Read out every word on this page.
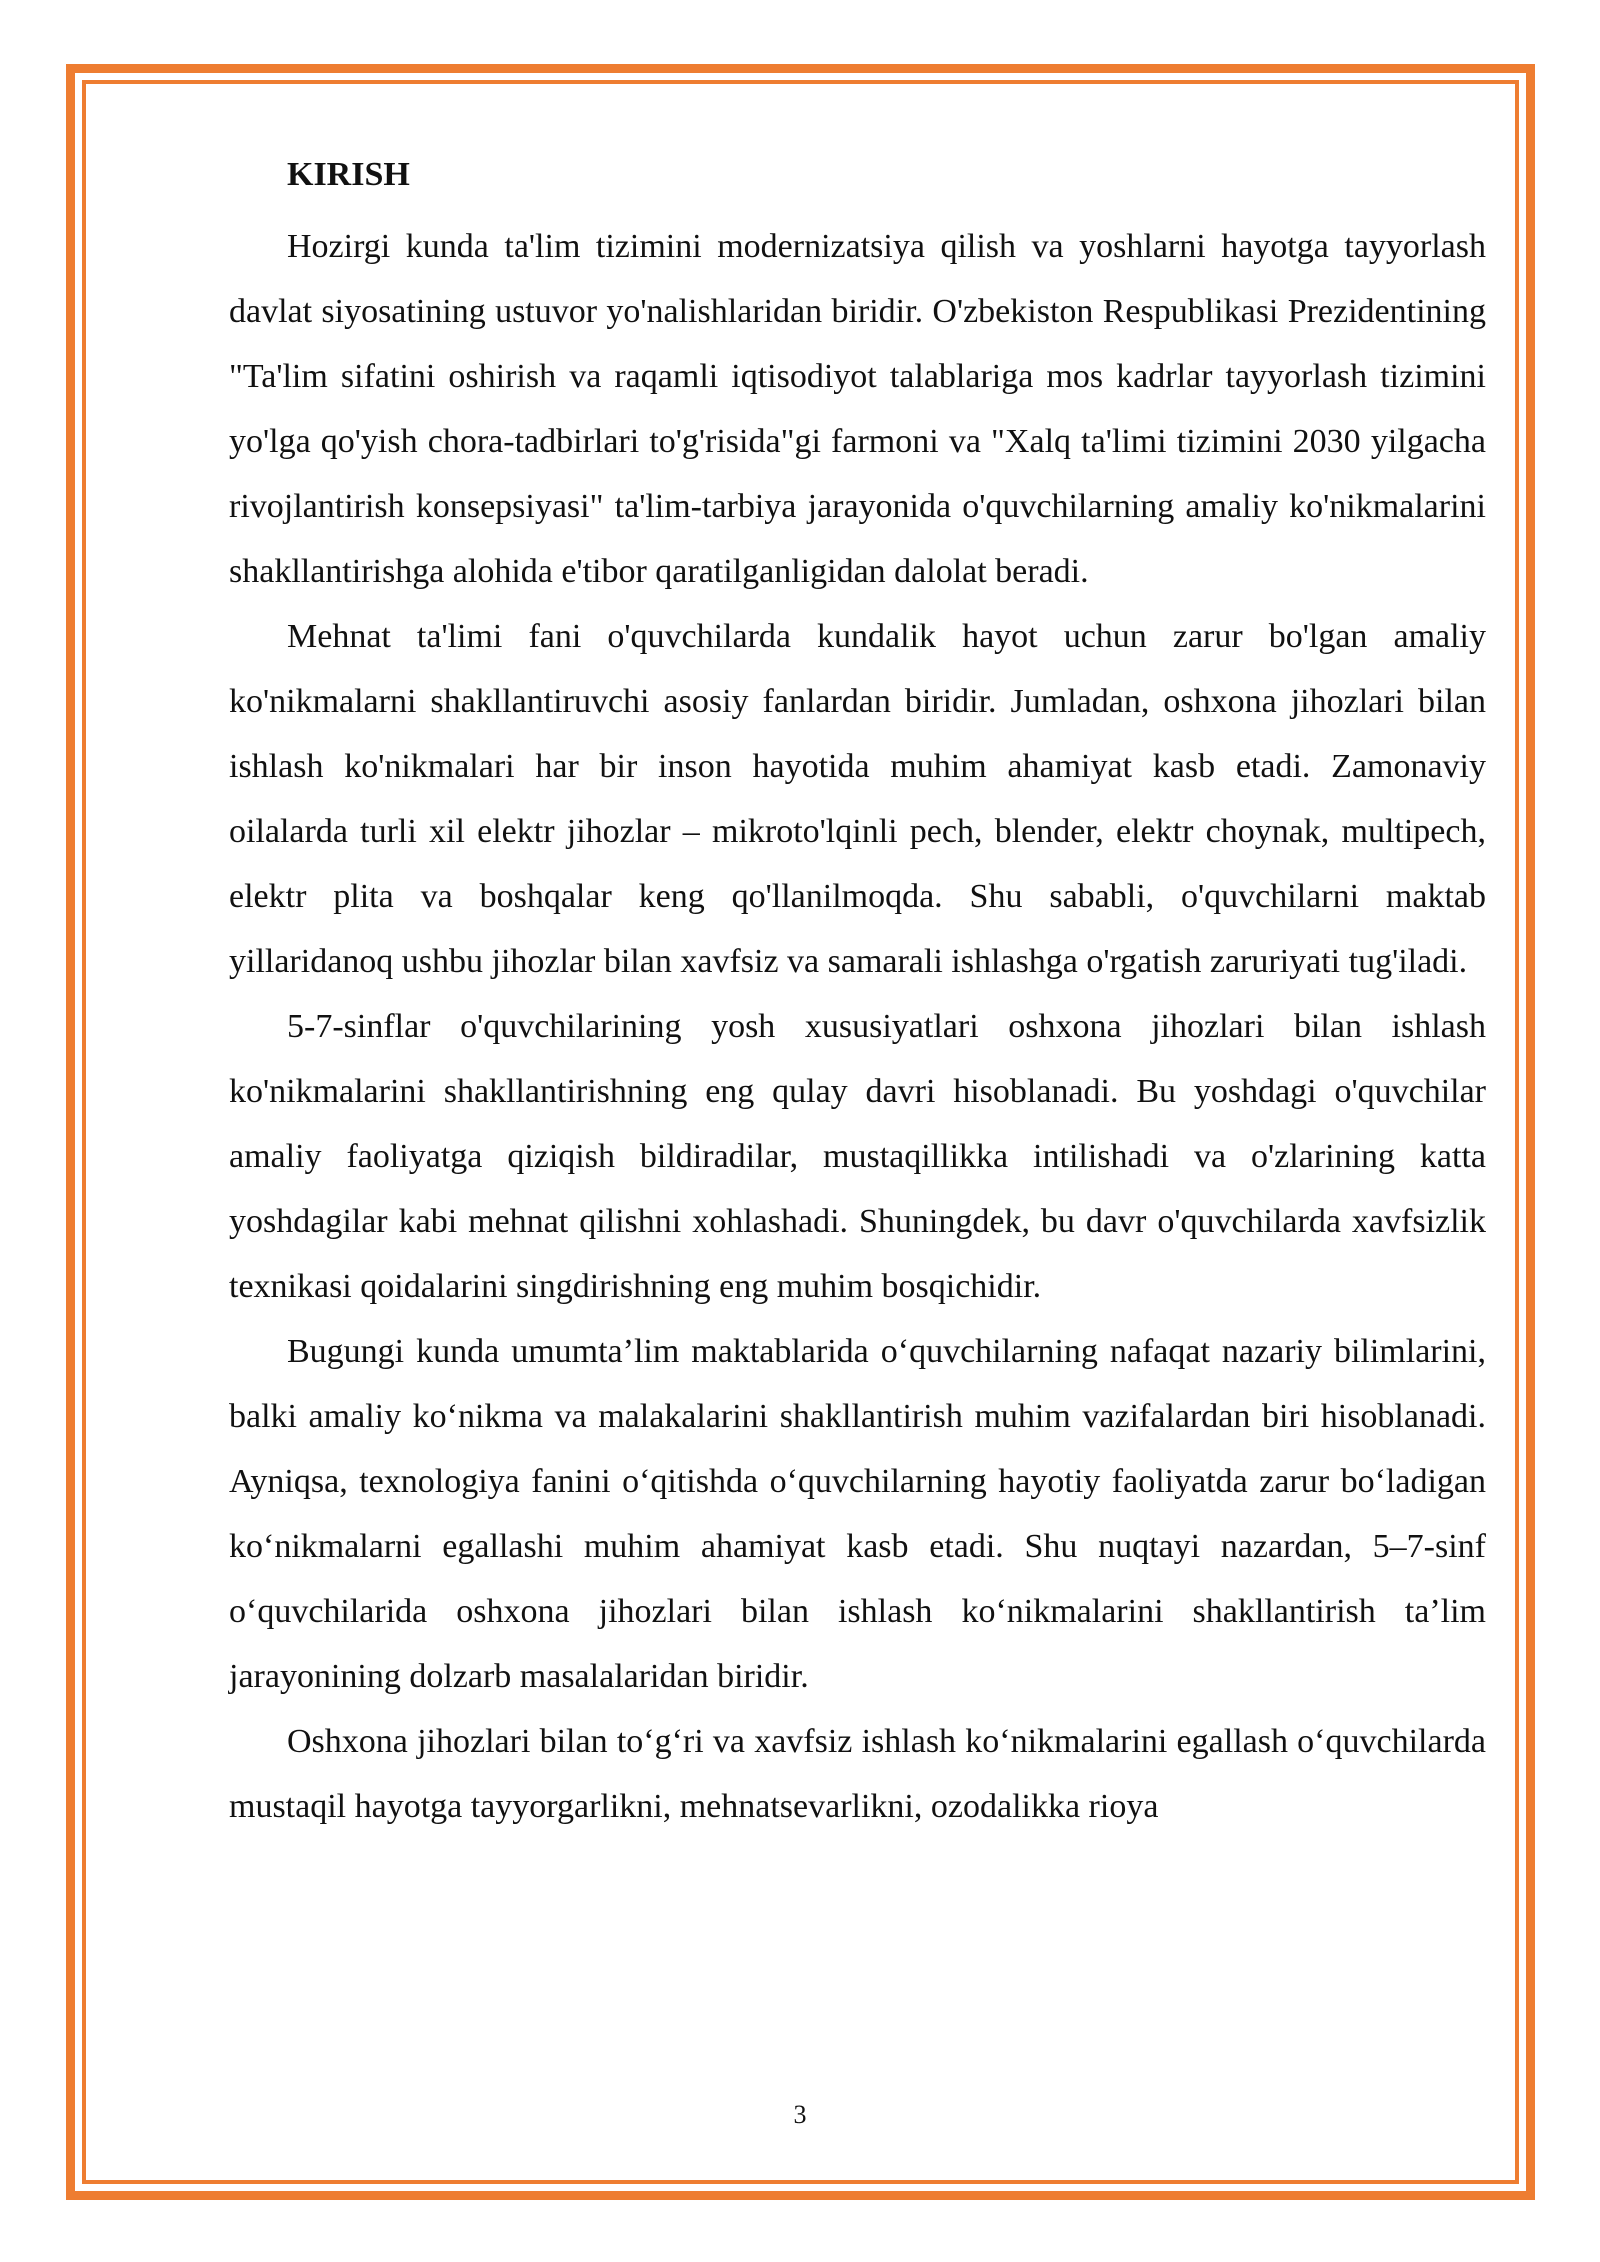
KIRISH

Hozirgi kunda ta'lim tizimini modernizatsiya qilish va yoshlarni hayotga tayyorlash davlat siyosatining ustuvor yo'nalishlaridan biridir. O'zbekiston Respublikasi Prezidentining "Ta'lim sifatini oshirish va raqamli iqtisodiyot talablariga mos kadrlar tayyorlash tizimini yo'lga qo'yish chora-tadbirlari to'g'risida"gi farmoni va "Xalq ta'limi tizimini 2030 yilgacha rivojlantirish konsepsiyasi" ta'lim-tarbiya jarayonida o'quvchilarning amaliy ko'nikmalarini shakllantirishga alohida e'tibor qaratilganligidan dalolat beradi.

Mehnat ta'limi fani o'quvchilarda kundalik hayot uchun zarur bo'lgan amaliy ko'nikmalarni shakllantiruvchi asosiy fanlardan biridir. Jumladan, oshxona jihozlari bilan ishlash ko'nikmalari har bir inson hayotida muhim ahamiyat kasb etadi. Zamonaviy oilalarda turli xil elektr jihozlar – mikroto'lqinli pech, blender, elektr choynak, multipech, elektr plita va boshqalar keng qo'llanilmoqda. Shu sababli, o'quvchilarni maktab yillaridanoq ushbu jihozlar bilan xavfsiz va samarali ishlashga o'rgatish zaruriyati tug'iladi.

5-7-sinflar o'quvchilarining yosh xususiyatlari oshxona jihozlari bilan ishlash ko'nikmalarini shakllantirishning eng qulay davri hisoblanadi. Bu yoshdagi o'quvchilar amaliy faoliyatga qiziqish bildiradilar, mustaqillikka intilishadi va o'zlarining katta yoshdagilar kabi mehnat qilishni xohlashadi. Shuningdek, bu davr o'quvchilarda xavfsizlik texnikasi qoidalarini singdirishning eng muhim bosqichidir.

Bugungi kunda umumta’lim maktablarida o‘quvchilarning nafaqat nazariy bilimlarini, balki amaliy ko‘nikma va malakalarini shakllantirish muhim vazifalardan biri hisoblanadi. Ayniqsa, texnologiya fanini o‘qitishda o‘quvchilarning hayotiy faoliyatda zarur bo‘ladigan ko‘nikmalarni egallashi muhim ahamiyat kasb etadi. Shu nuqtayi nazardan, 5–7-sinf o‘quvchilarida oshxona jihozlari bilan ishlash ko‘nikmalarini shakllantirish ta’lim jarayonining dolzarb masalalaridan biridir.

Oshxona jihozlari bilan to‘g‘ri va xavfsiz ishlash ko‘nikmalarini egallash o‘quvchilarda mustaqil hayotga tayyorgarlikni, mehnatsevarlikni, ozodalikka rioya

3
